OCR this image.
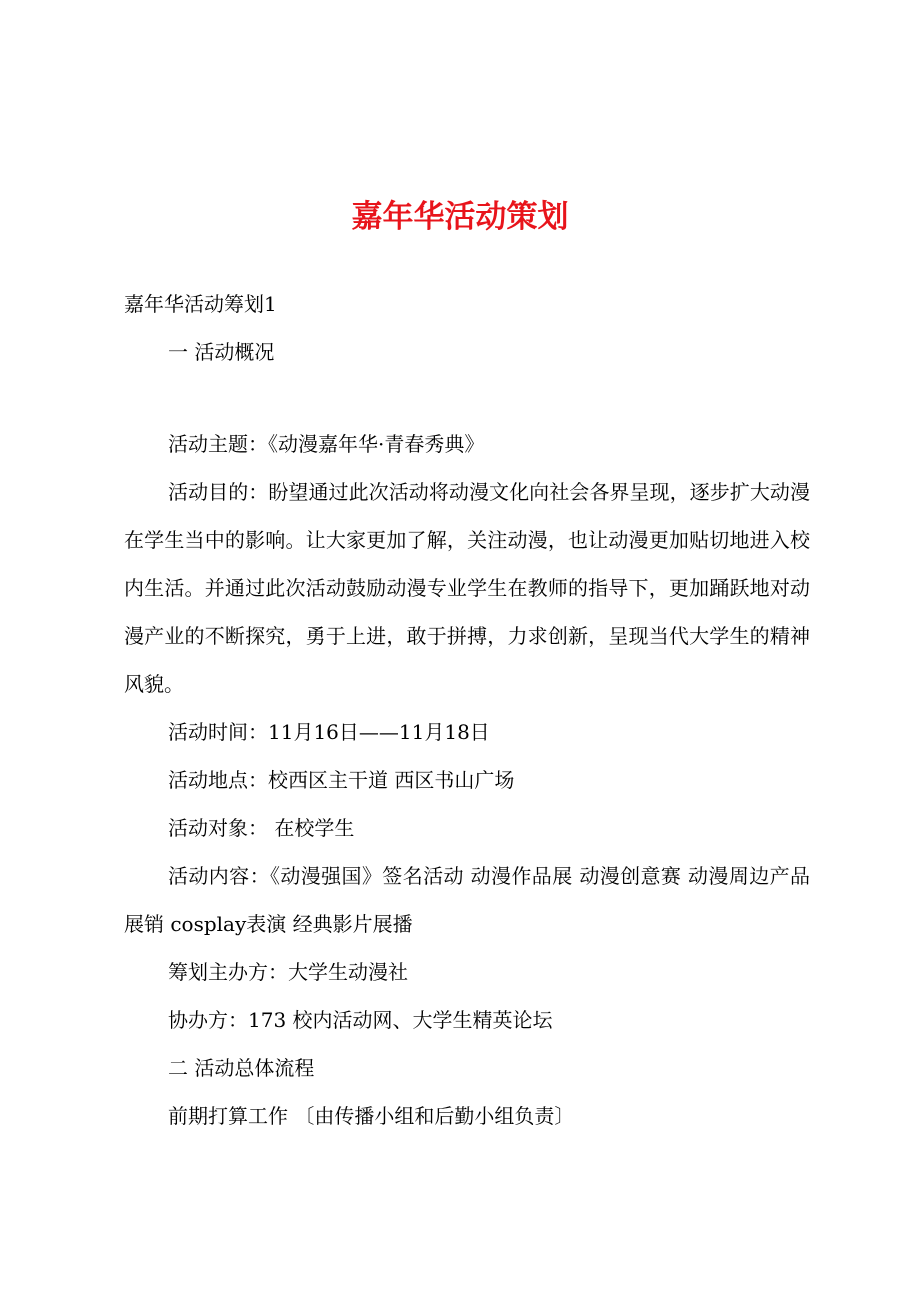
嘉年华活动策划

嘉年华活动筹划1

一 活动概况

活动主题：《动漫嘉年华·青春秀典》

活动目的：盼望通过此次活动将动漫文化向社会各界呈现，逐步扩大动漫在学生当中的影响。让大家更加了解，关注动漫，也让动漫更加贴切地进入校内生活。并通过此次活动鼓励动漫专业学生在教师的指导下，更加踊跃地对动漫产业的不断探究，勇于上进，敢于拼搏，力求创新，呈现当代大学生的精神风貌。

活动时间：11月16日——11月18日

活动地点：校西区主干道 西区书山广场

活动对象： 在校学生

活动内容：《动漫强国》签名活动 动漫作品展 动漫创意赛 动漫周边产品展销 cosplay表演 经典影片展播

筹划主办方：大学生动漫社

协办方：173 校内活动网、大学生精英论坛

二 活动总体流程

前期打算工作 〔由传播小组和后勤小组负责〕
